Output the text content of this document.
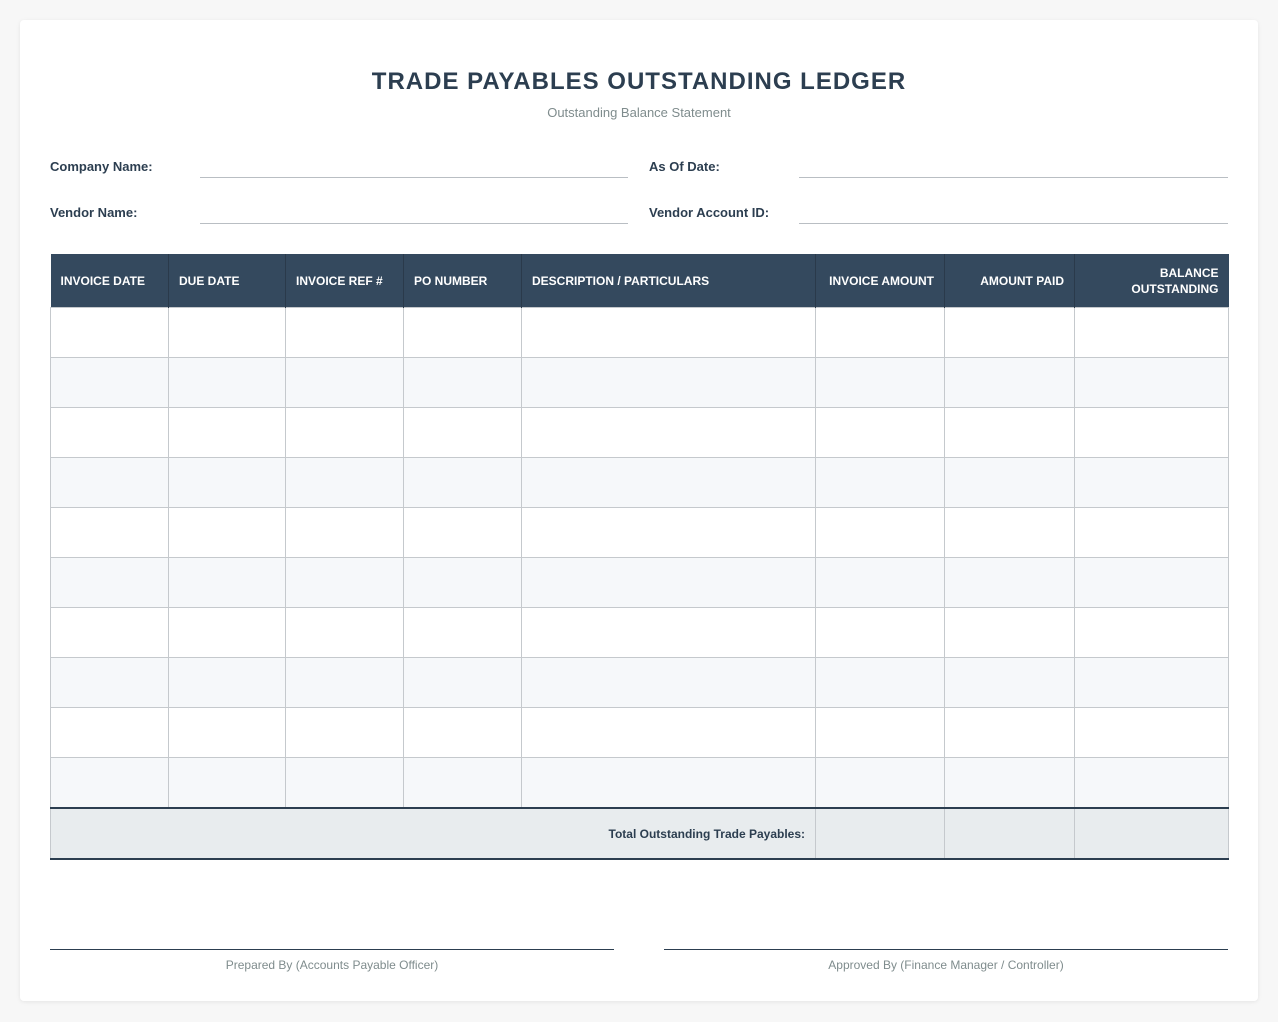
TRADE PAYABLES OUTSTANDING LEDGER
Outstanding Balance Statement
Company Name:	As Of Date:
Vendor Name:	Vendor Account ID:
INVOICE DATE	DUE DATE	INVOICE REF #	PO NUMBER	DESCRIPTION / PARTICULARS	INVOICE AMOUNT	AMOUNT PAID	BALANCE OUTSTANDING

Total Outstanding Trade Payables:							
Prepared By (Accounts Payable Officer)	Approved By (Finance Manager / Controller)
